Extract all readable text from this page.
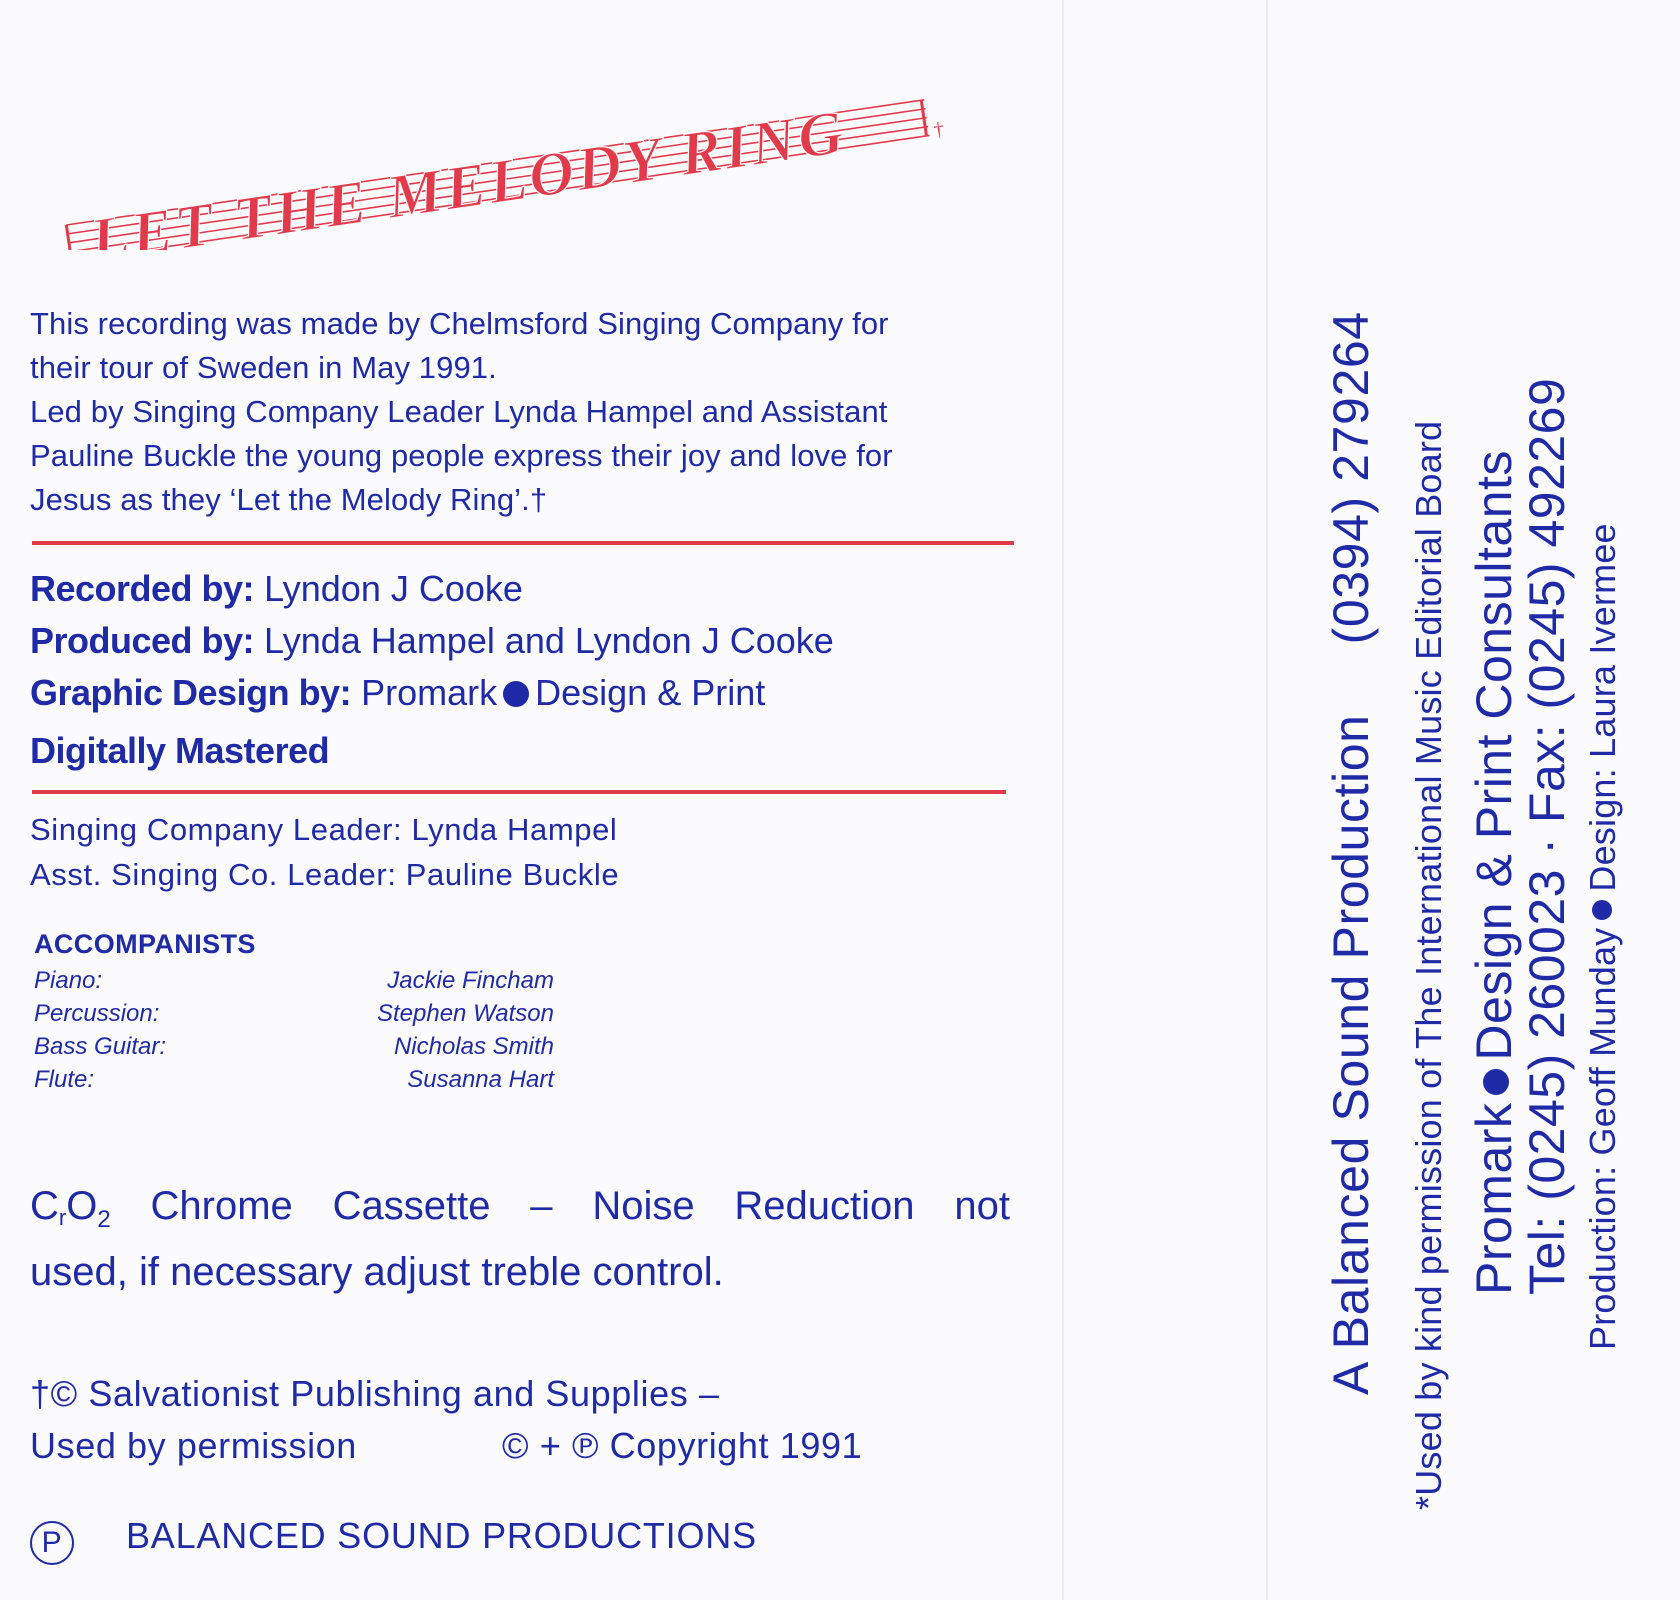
LET THE MELODY RING	†
This recording was made by Chelmsford Singing Company for
their tour of Sweden in May 1991.
Led by Singing Company Leader Lynda Hampel and Assistant
Pauline Buckle the young people express their joy and love for
Jesus as they ‘Let the Melody Ring’.†
Recorded by: Lyndon J Cooke
Produced by: Lynda Hampel and Lyndon J Cooke
Graphic Design by: Promark Design & Print
Digitally Mastered
Singing Company Leader: Lynda Hampel
Asst. Singing Co. Leader: Pauline Buckle
ACCOMPANISTS
Piano:	Jackie Fincham
Percussion:	Stephen Watson
Bass Guitar:	Nicholas Smith
Flute:	Susanna Hart
$C_rO_2$ Chrome Cassette – Noise Reduction not
used, if necessary adjust treble control.
†© Salvationist Publishing and Supplies –
Used by permission	© + ℗ Copyright 1991
P BALANCED SOUND PRODUCTIONS
A Balanced Sound Production(0394) 279264 *Used by kind permission of The International Music Editorial Board PromarkDesign & Print Consultants
Tel: (0245) 260023 · Fax: (0245) 492269 Production: Geoff MundayDesign: Laura Ivermee
